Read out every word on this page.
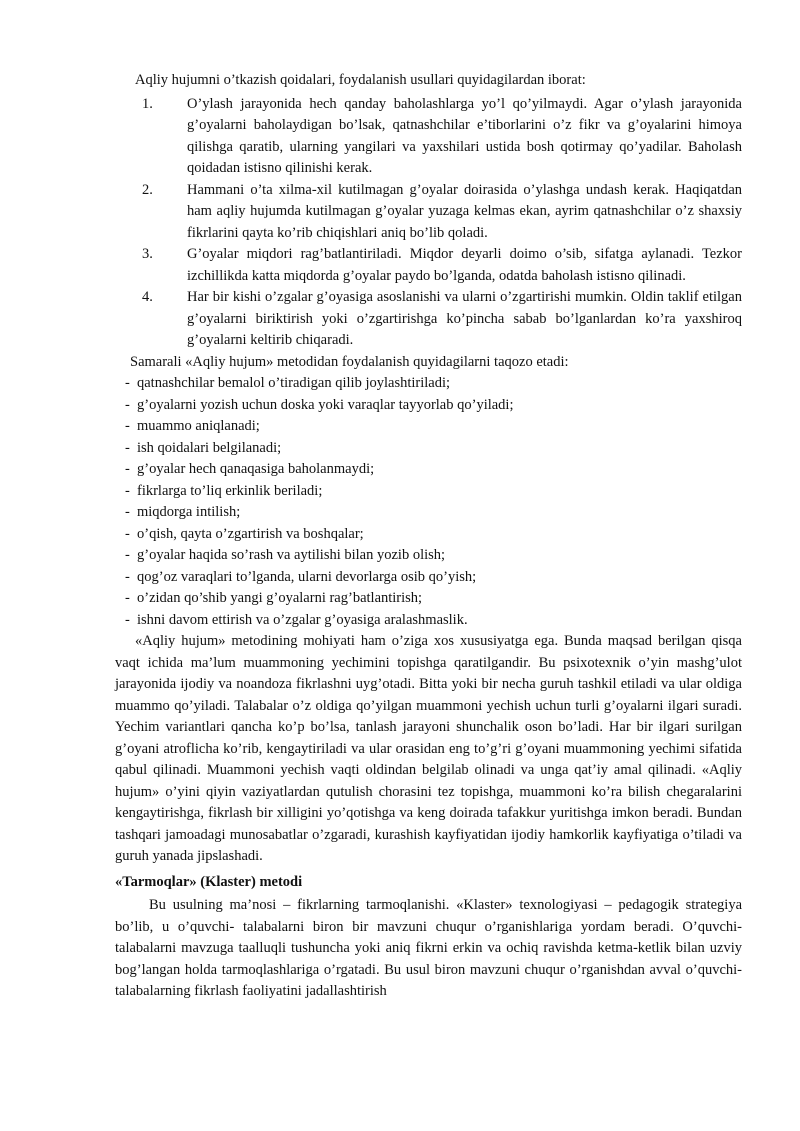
Aqliy hujumni o’tkazish qoidalari, foydalanish usullari quyidagilardan iborat:

1.	O’ylash jarayonida hech qanday baholashlarga yo’l qo’yilmaydi. Agar o’ylash jarayonida g’oyalarni baholaydigan bo’lsak, qatnashchilar e’tiborlarini o’z fikr va g’oyalarini himoya qilishga qaratib, ularning yangilari va yaxshilari ustida bosh qotirmay qo’yadilar. Baholash qoidadan istisno qilinishi kerak.
2.	Hammani o’ta xilma-xil kutilmagan g’oyalar doirasida o’ylashga undash kerak. Haqiqatdan ham aqliy hujumda kutilmagan g’oyalar yuzaga kelmas ekan, ayrim qatnashchilar o’z shaxsiy fikrlarini qayta ko’rib chiqishlari aniq bo’lib qoladi.
3.	G’oyalar miqdori rag’batlantiriladi. Miqdor deyarli doimo o’sib, sifatga aylanadi. Tezkor izchillikda katta miqdorda g’oyalar paydo bo’lganda, odatda baholash istisno qilinadi.
4.	Har bir kishi o’zgalar g’oyasiga asoslanishi va ularni o’zgartirishi mumkin. Oldin taklif etilgan g’oyalarni biriktirish yoki o’zgartirishga ko’pincha sabab bo’lganlardan ko’ra yaxshiroq g’oyalarni keltirib chiqaradi.

Samarali «Aqliy hujum» metodidan foydalanish quyidagilarni taqozo etadi:

- qatnashchilar bemalol o’tiradigan qilib joylashtiriladi;
- g’oyalarni yozish uchun doska yoki varaqlar tayyorlab qo’yiladi;
- muammo aniqlanadi;
- ish qoidalari belgilanadi;
- g’oyalar hech qanaqasiga baholanmaydi;
- fikrlarga to’liq erkinlik beriladi;
- miqdorga intilish;
- o’qish, qayta o’zgartirish va boshqalar;
- g’oyalar haqida so’rash va aytilishi bilan yozib olish;
- qog’oz varaqlari to’lganda, ularni devorlarga osib qo’yish;
- o’zidan qo’shib yangi g’oyalarni rag’batlantirish;
- ishni davom ettirish va o’zgalar g’oyasiga aralashmaslik.

«Aqliy hujum» metodining mohiyati ham o’ziga xos xususiyatga ega. Bunda maqsad berilgan qisqa vaqt ichida ma’lum muammoning yechimini topishga qaratilgandir. Bu psixotexnik o’yin mashg’ulot jarayonida ijodiy va noandoza fikrlashni uyg’otadi. Bitta yoki bir necha guruh tashkil etiladi va ular oldiga muammo qo’yiladi. Talabalar o’z oldiga qo’yilgan muammoni yechish uchun turli g’oyalarni ilgari suradi. Yechim variantlari qancha ko’p bo’lsa, tanlash jarayoni shunchalik oson bo’ladi. Har bir ilgari surilgan g’oyani atroflicha ko’rib, kengaytiriladi va ular orasidan eng to’g’ri g’oyani muammoning yechimi sifatida qabul qilinadi. Muammoni yechish vaqti oldindan belgilab olinadi va unga qat’iy amal qilinadi. «Aqliy hujum» o’yini qiyin vaziyatlardan qutulish chorasini tez topishga, muammoni ko’ra bilish chegaralarini kengaytirishga, fikrlash bir xilligini yo’qotishga va keng doirada tafakkur yuritishga imkon beradi. Bundan tashqari jamoadagi munosabatlar o’zgaradi, kurashish kayfiyatidan ijodiy hamkorlik kayfiyatiga o’tiladi va guruh yanada jipslashadi.

«Tarmoqlar» (Klaster) metodi

Bu usulning ma’nosi – fikrlarning tarmoqlanishi. «Klaster» texnologiyasi – pedagogik strategiya bo’lib, u o’quvchi- talabalarni biron bir mavzuni chuqur o’rganishlariga yordam beradi. O’quvchi-talabalarni mavzuga taalluqli tushuncha yoki aniq fikrni erkin va ochiq ravishda ketma-ketlik bilan uzviy bog’langan holda tarmoqlashlariga o’rgatadi. Bu usul biron mavzuni chuqur o’rganishdan avval o’quvchi-talabalarning fikrlash faoliyatini jadallashtirish
